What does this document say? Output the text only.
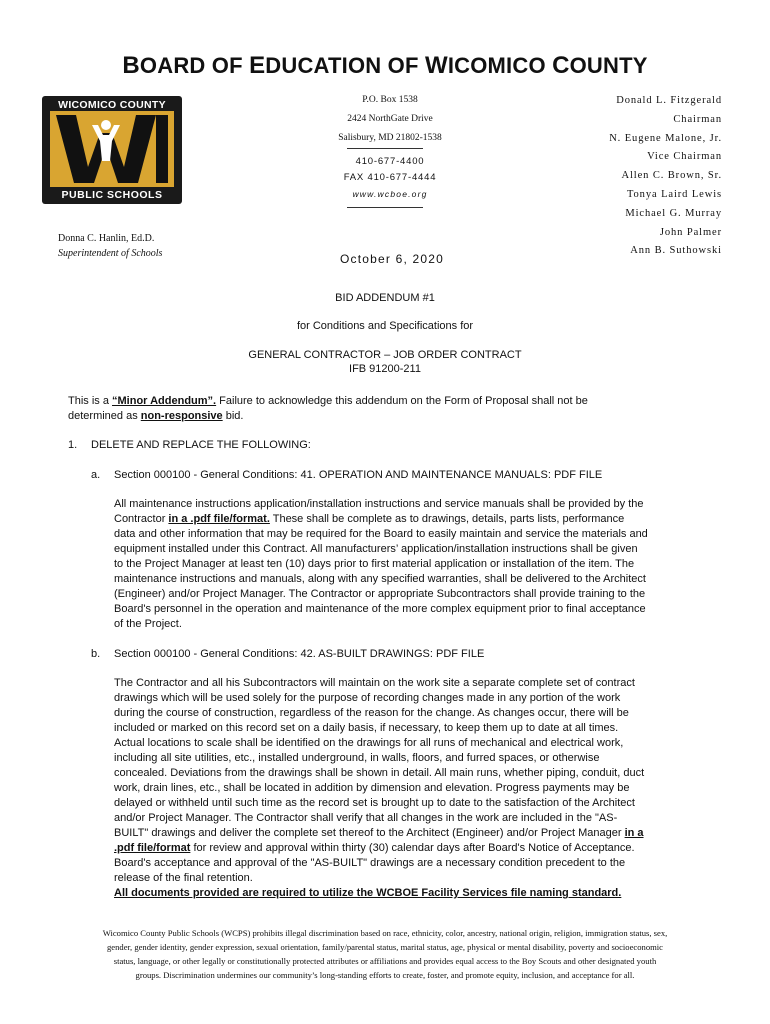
BOARD OF EDUCATION OF WICOMICO COUNTY
WICOMICO COUNTY
PUBLIC SCHOOLS
P.O. Box 1538
2424 NorthGate Drive
Salisbury, MD 21802-1538
410-677-4400
FAX 410-677-4444
www.wcboe.org
Donald L. Fitzgerald
Chairman
N. Eugene Malone, Jr.
Vice Chairman
Allen C. Brown, Sr.
Tonya Laird Lewis
Michael G. Murray
John Palmer
Ann B. Suthowski
Donna C. Hanlin, Ed.D.
Superintendent of Schools	October 6, 2020
BID ADDENDUM #1
for Conditions and Specifications for
GENERAL CONTRACTOR – JOB ORDER CONTRACT
IFB 91200-211
This is a “Minor Addendum”. Failure to acknowledge this addendum on the Form of Proposal shall not be
determined as non-responsive bid.
1. DELETE AND REPLACE THE FOLLOWING:
a. Section 000100 - General Conditions: 41. OPERATION AND MAINTENANCE MANUALS: PDF FILE
All maintenance instructions application/installation instructions and service manuals shall be provided by the
Contractor in a .pdf file/format. These shall be complete as to drawings, details, parts lists, performance
data and other information that may be required for the Board to easily maintain and service the materials and
equipment installed under this Contract. All manufacturers’ application/installation instructions shall be given
to the Project Manager at least ten (10) days prior to first material application or installation of the item. The
maintenance instructions and manuals, along with any specified warranties, shall be delivered to the Architect
(Engineer) and/or Project Manager. The Contractor or appropriate Subcontractors shall provide training to the
Board's personnel in the operation and maintenance of the more complex equipment prior to final acceptance
of the Project.
b. Section 000100 - General Conditions: 42. AS-BUILT DRAWINGS: PDF FILE
The Contractor and all his Subcontractors will maintain on the work site a separate complete set of contract
drawings which will be used solely for the purpose of recording changes made in any portion of the work
during the course of construction, regardless of the reason for the change. As changes occur, there will be
included or marked on this record set on a daily basis, if necessary, to keep them up to date at all times.
Actual locations to scale shall be identified on the drawings for all runs of mechanical and electrical work,
including all site utilities, etc., installed underground, in walls, floors, and furred spaces, or otherwise
concealed. Deviations from the drawings shall be shown in detail. All main runs, whether piping, conduit, duct
work, drain lines, etc., shall be located in addition by dimension and elevation. Progress payments may be
delayed or withheld until such time as the record set is brought up to date to the satisfaction of the Architect
and/or Project Manager. The Contractor shall verify that all changes in the work are included in the "AS-
BUILT" drawings and deliver the complete set thereof to the Architect (Engineer) and/or Project Manager in a
.pdf file/format for review and approval within thirty (30) calendar days after Board's Notice of Acceptance.
Board's acceptance and approval of the "AS-BUILT" drawings are a necessary condition precedent to the
release of the final retention.
All documents provided are required to utilize the WCBOE Facility Services file naming standard.
Wicomico County Public Schools (WCPS) prohibits illegal discrimination based on race, ethnicity, color, ancestry, national origin, religion, immigration status, sex,
gender, gender identity, gender expression, sexual orientation, family/parental status, marital status, age, physical or mental disability, poverty and socioeconomic
status, language, or other legally or constitutionally protected attributes or affiliations and provides equal access to the Boy Scouts and other designated youth
groups. Discrimination undermines our community’s long-standing efforts to create, foster, and promote equity, inclusion, and acceptance for all.
